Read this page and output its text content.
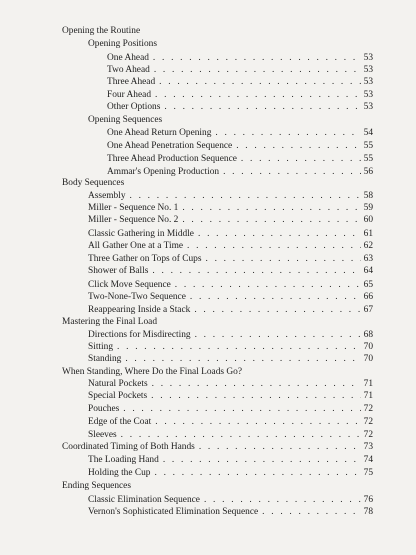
Opening the Routine
Opening Positions
One Ahead . . .	53
Two Ahead . . .	53
Three Ahead . . .	53
Four Ahead . . .	53
Other Options . . .	53
Opening Sequences
One Ahead Return Opening . . .	54
One Ahead Penetration Sequence . . .	55
Three Ahead Production Sequence . . .	55
Ammar's Opening Production . . .	56
Body Sequences
Assembly . . .	58
Miller - Sequence No. 1 . . .	59
Miller - Sequence No. 2 . . .	60
Classic Gathering in Middle . . .	61
All Gather One at a Time . . .	62
Three Gather on Tops of Cups . . .	63
Shower of Balls . . .	64
Click Move Sequence . . .	65
Two-None-Two Sequence . . .	66
Reappearing Inside a Stack . . .	67
Mastering the Final Load
Directions for Misdirecting . . .	68
Sitting . . .	70
Standing . . .	70
When Standing, Where Do the Final Loads Go?
Natural Pockets . . .	71
Special Pockets . . .	71
Pouches . . .	72
Edge of the Coat . . .	72
Sleeves . . .	72
Coordinated Timing of Both Hands . . .	73
The Loading Hand . . .	74
Holding the Cup . . .	75
Ending Sequences
Classic Elimination Sequence . . .	76
Vernon's Sophisticated Elimination Sequence . . .	78
